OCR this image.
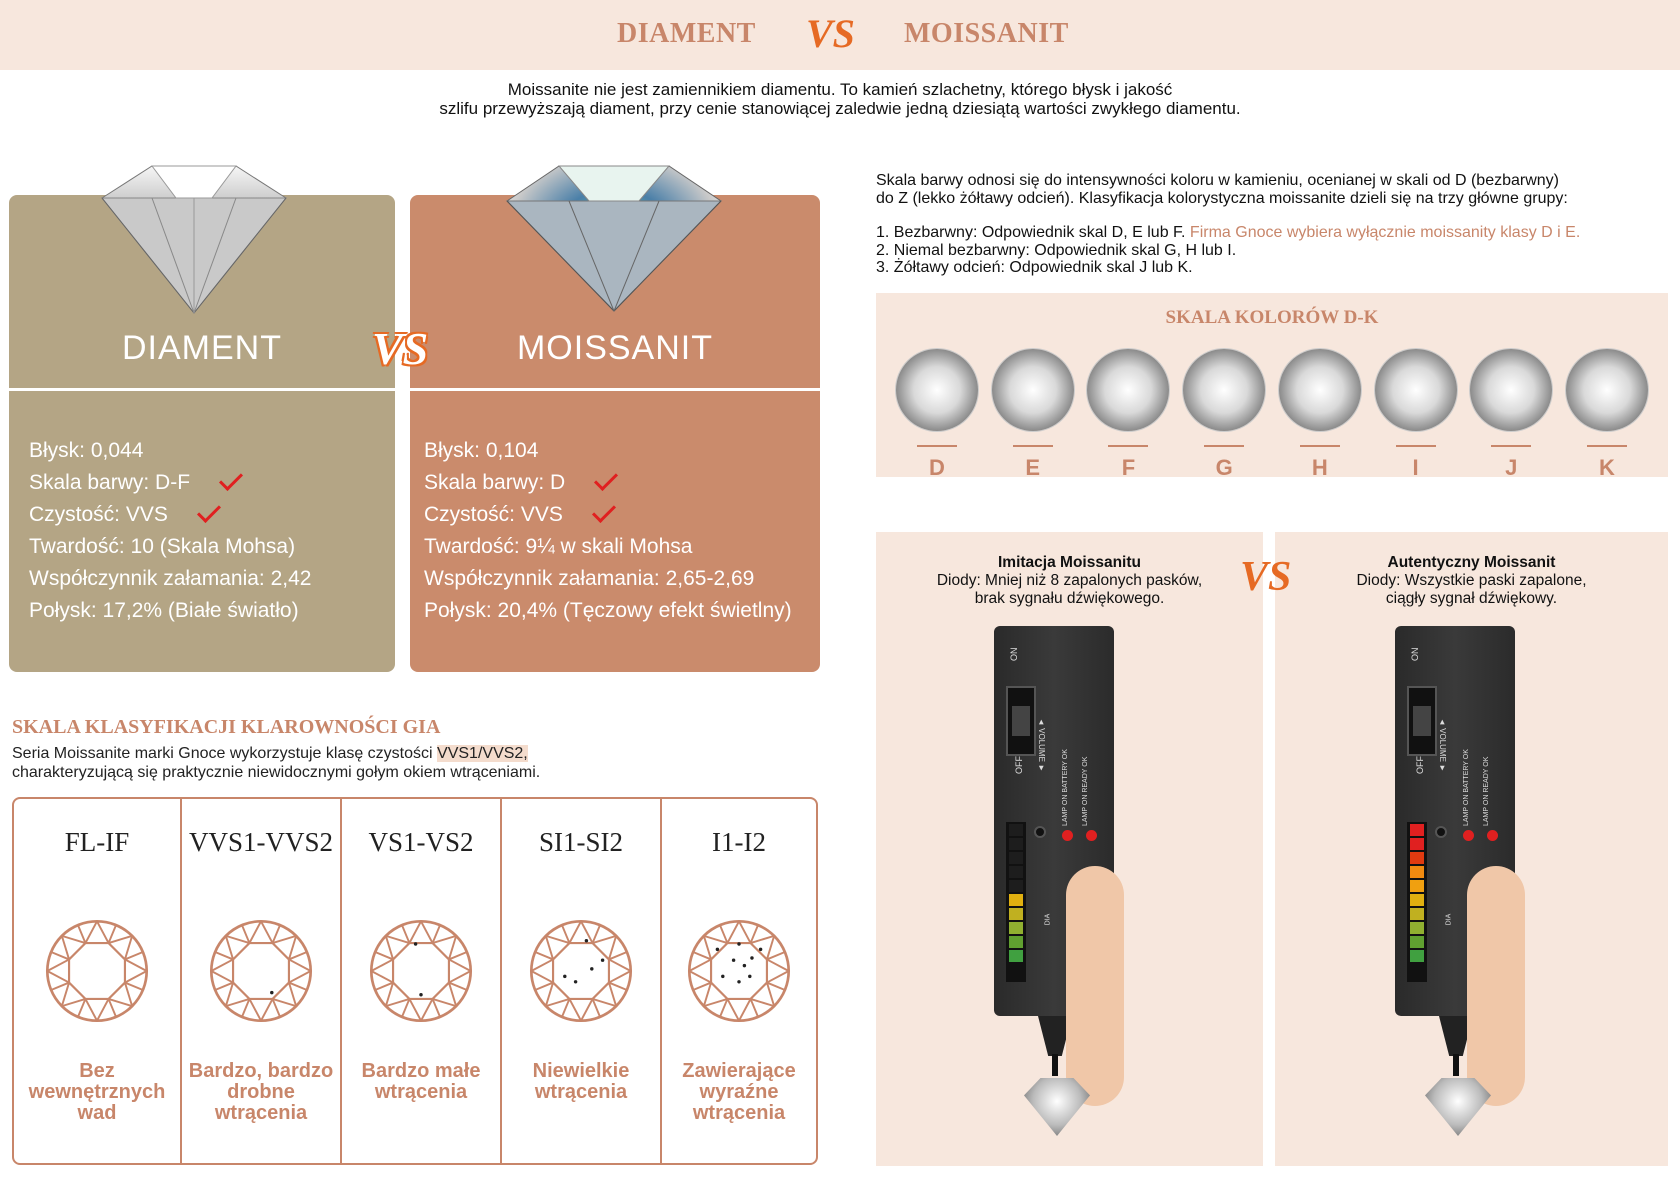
DIAMENT VS MOISSANIT
Moissanite nie jest zamiennikiem diamentu. To kamień szlachetny, którego błysk i jakość
szlifu przewyższają diament, przy cenie stanowiącej zaledwie jedną dziesiątą wartości zwykłego diamentu.
DIAMENT
Błysk: 0,044
Skala barwy: D-F
Czystość: VVS
Twardość: 10 (Skala Mohsa)
Współczynnik załamania: 2,42
Połysk: 17,2% (Białe światło)
MOISSANIT
Błysk: 0,104
Skala barwy: D
Czystość: VVS
Twardość: 9¼ w skali Mohsa
Współczynnik załamania: 2,65-2,69
Połysk: 20,4% (Tęczowy efekt świetlny)
VS
Skala barwy odnosi się do intensywności koloru w kamieniu, ocenianej w skali od D (bezbarwny)
do Z (lekko żółtawy odcień). Klasyfikacja kolorystyczna moissanite dzieli się na trzy główne grupy:
1. Bezbarwny: Odpowiednik skal D, E lub F. Firma Gnoce wybiera wyłącznie moissanity klasy D i E.
2. Niemal bezbarwny: Odpowiednik skal G, H lub I.
3. Żółtawy odcień: Odpowiednik skal J lub K.
SKALA KOLORÓW D-K
D	E	F	G	H	I	J	K
SKALA KLASYFIKACJI KLAROWNOŚCI GIA
Seria Moissanite marki Gnoce wykorzystuje klasę czystości VVS1/VVS2,
charakteryzującą się praktycznie niewidocznymi gołym okiem wtrąceniami.
FL-IF
Bez wewnętrznych wad
VVS1-VVS2
Bardzo, bardzo drobne wtrącenia
VS1-VS2
Bardzo małe wtrącenia
SI1-SI2
Niewielkie wtrącenia
I1-I2
Zawierające wyraźne wtrącenia
Imitacja Moissanitu
Diody: Mniej niż 8 zapalonych pasków,
brak sygnału dźwiękowego.
Autentyczny Moissanit
Diody: Wszystkie paski zapalone,
ciągły sygnał dźwiękowy.
VS
ON
OFF ◄ VOLUME ►
LAMP ON BATTERY OK LAMP ON READY OK
DIA
ON
OFF ◄ VOLUME ►
LAMP ON BATTERY OK LAMP ON READY OK
DIA
